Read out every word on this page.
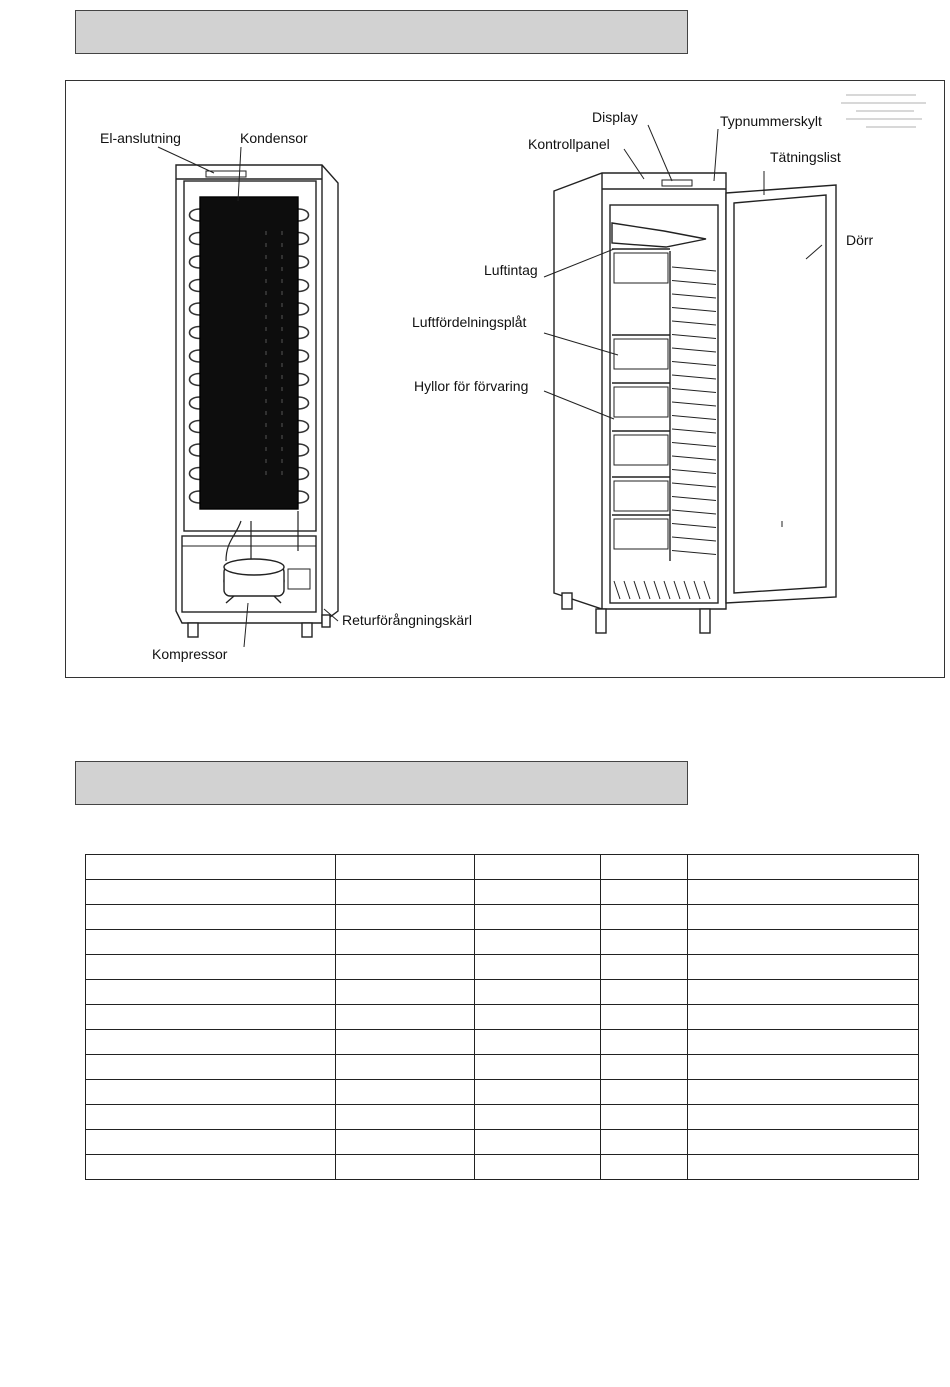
El-anslutning	Kondensor
Kompressor
Returförångningskärl
Display
Kontrollpanel
Typnummerskylt
Tätningslist
Dörr
Luftintag
Luftfördelningsplåt
Hyllor för förvaring
